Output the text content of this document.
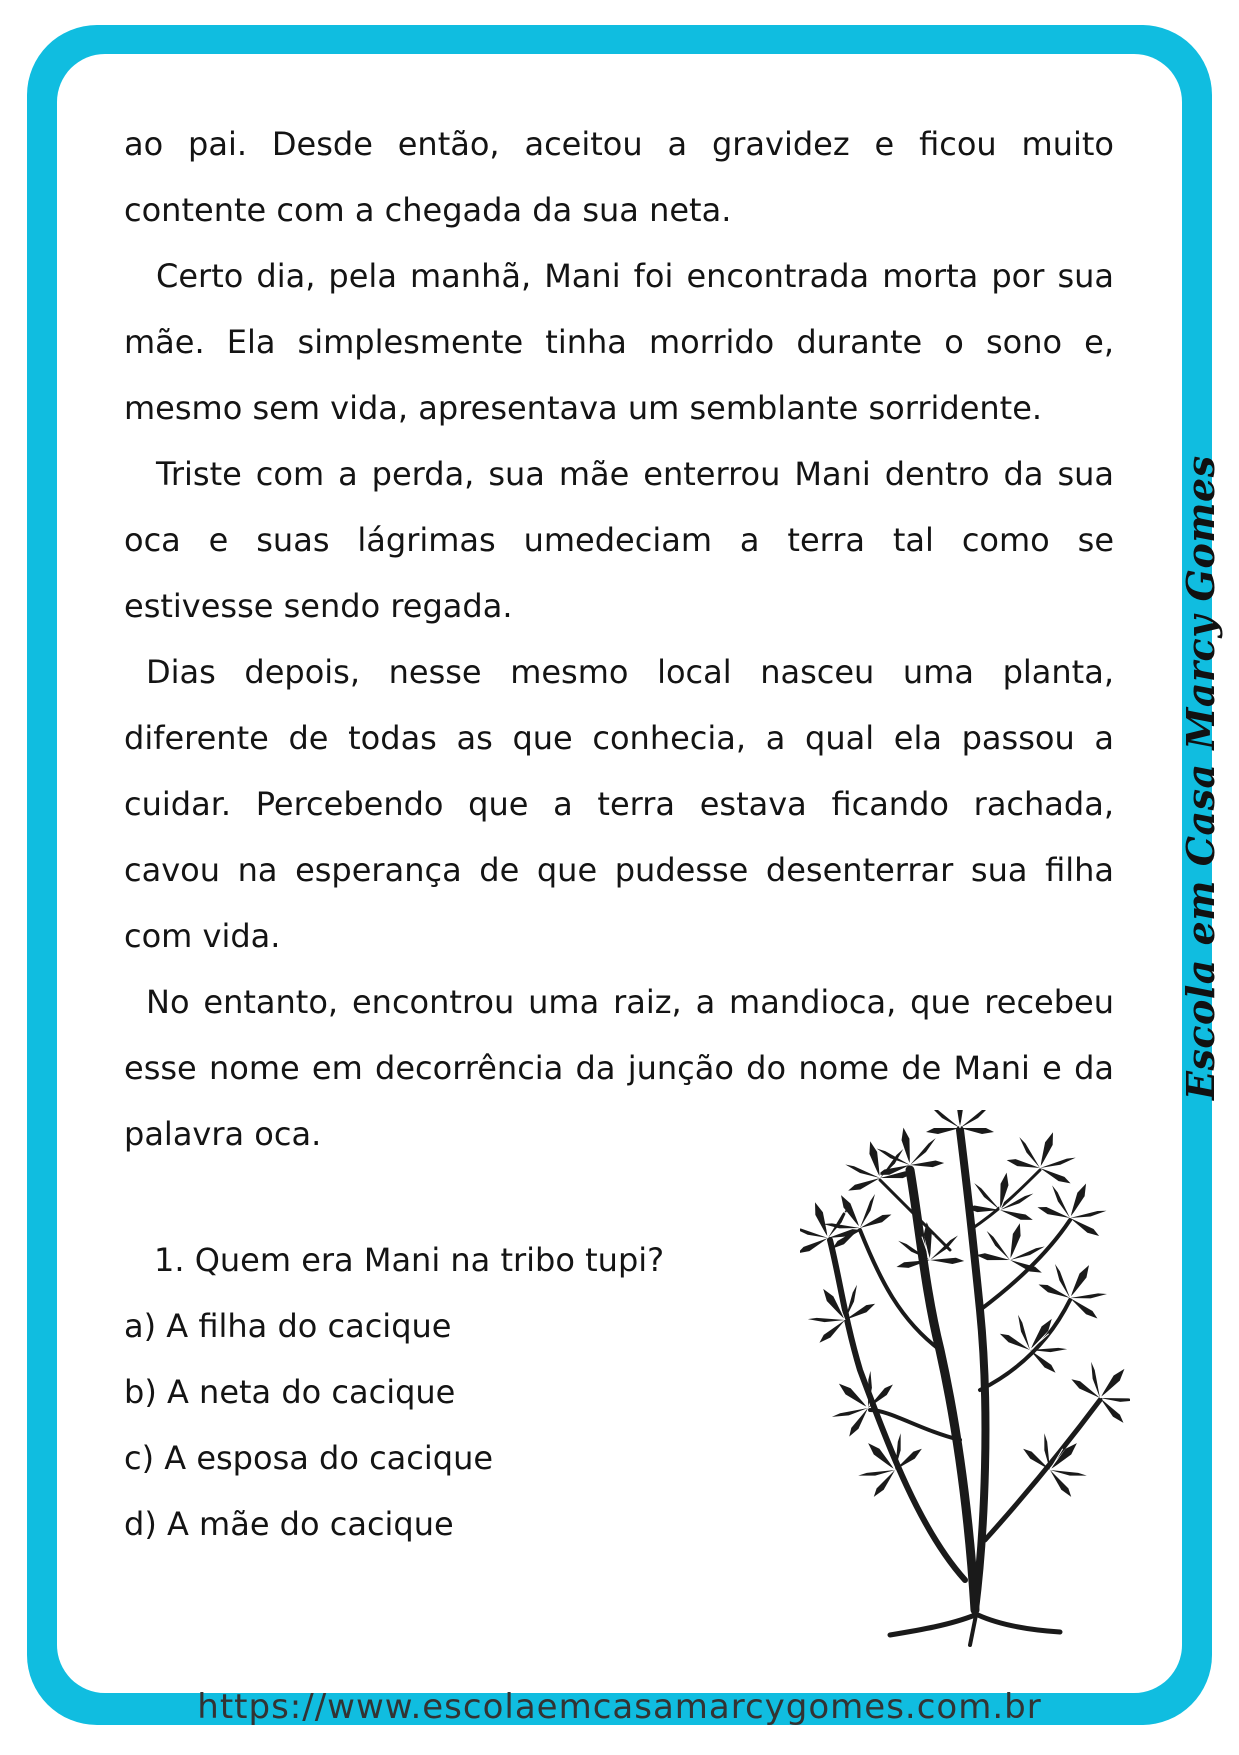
ao pai. Desde então, aceitou a gravidez e ficou muito contente com a chegada da sua neta.

Certo dia, pela manhã, Mani foi encontrada morta por sua mãe. Ela simplesmente tinha morrido durante o sono e, mesmo sem vida, apresentava um semblante sorridente.

Triste com a perda, sua mãe enterrou Mani dentro da sua oca e suas lágrimas umedeciam a terra tal como se estivesse sendo regada.

Dias depois, nesse mesmo local nasceu uma planta, diferente de todas as que conhecia, a qual ela passou a cuidar. Percebendo que a terra estava ficando rachada, cavou na esperança de que pudesse desenterrar sua filha com vida.

No entanto, encontrou uma raiz, a mandioca, que recebeu esse nome em decorrência da junção do nome de Mani e da palavra oca.

1. Quem era Mani na tribo tupi?
a) A filha do cacique
b) A neta do cacique
c) A esposa do cacique
d) A mãe do cacique
Escola em Casa Marcy Gomes
https://www.escolaemcasamarcygomes.com.br
